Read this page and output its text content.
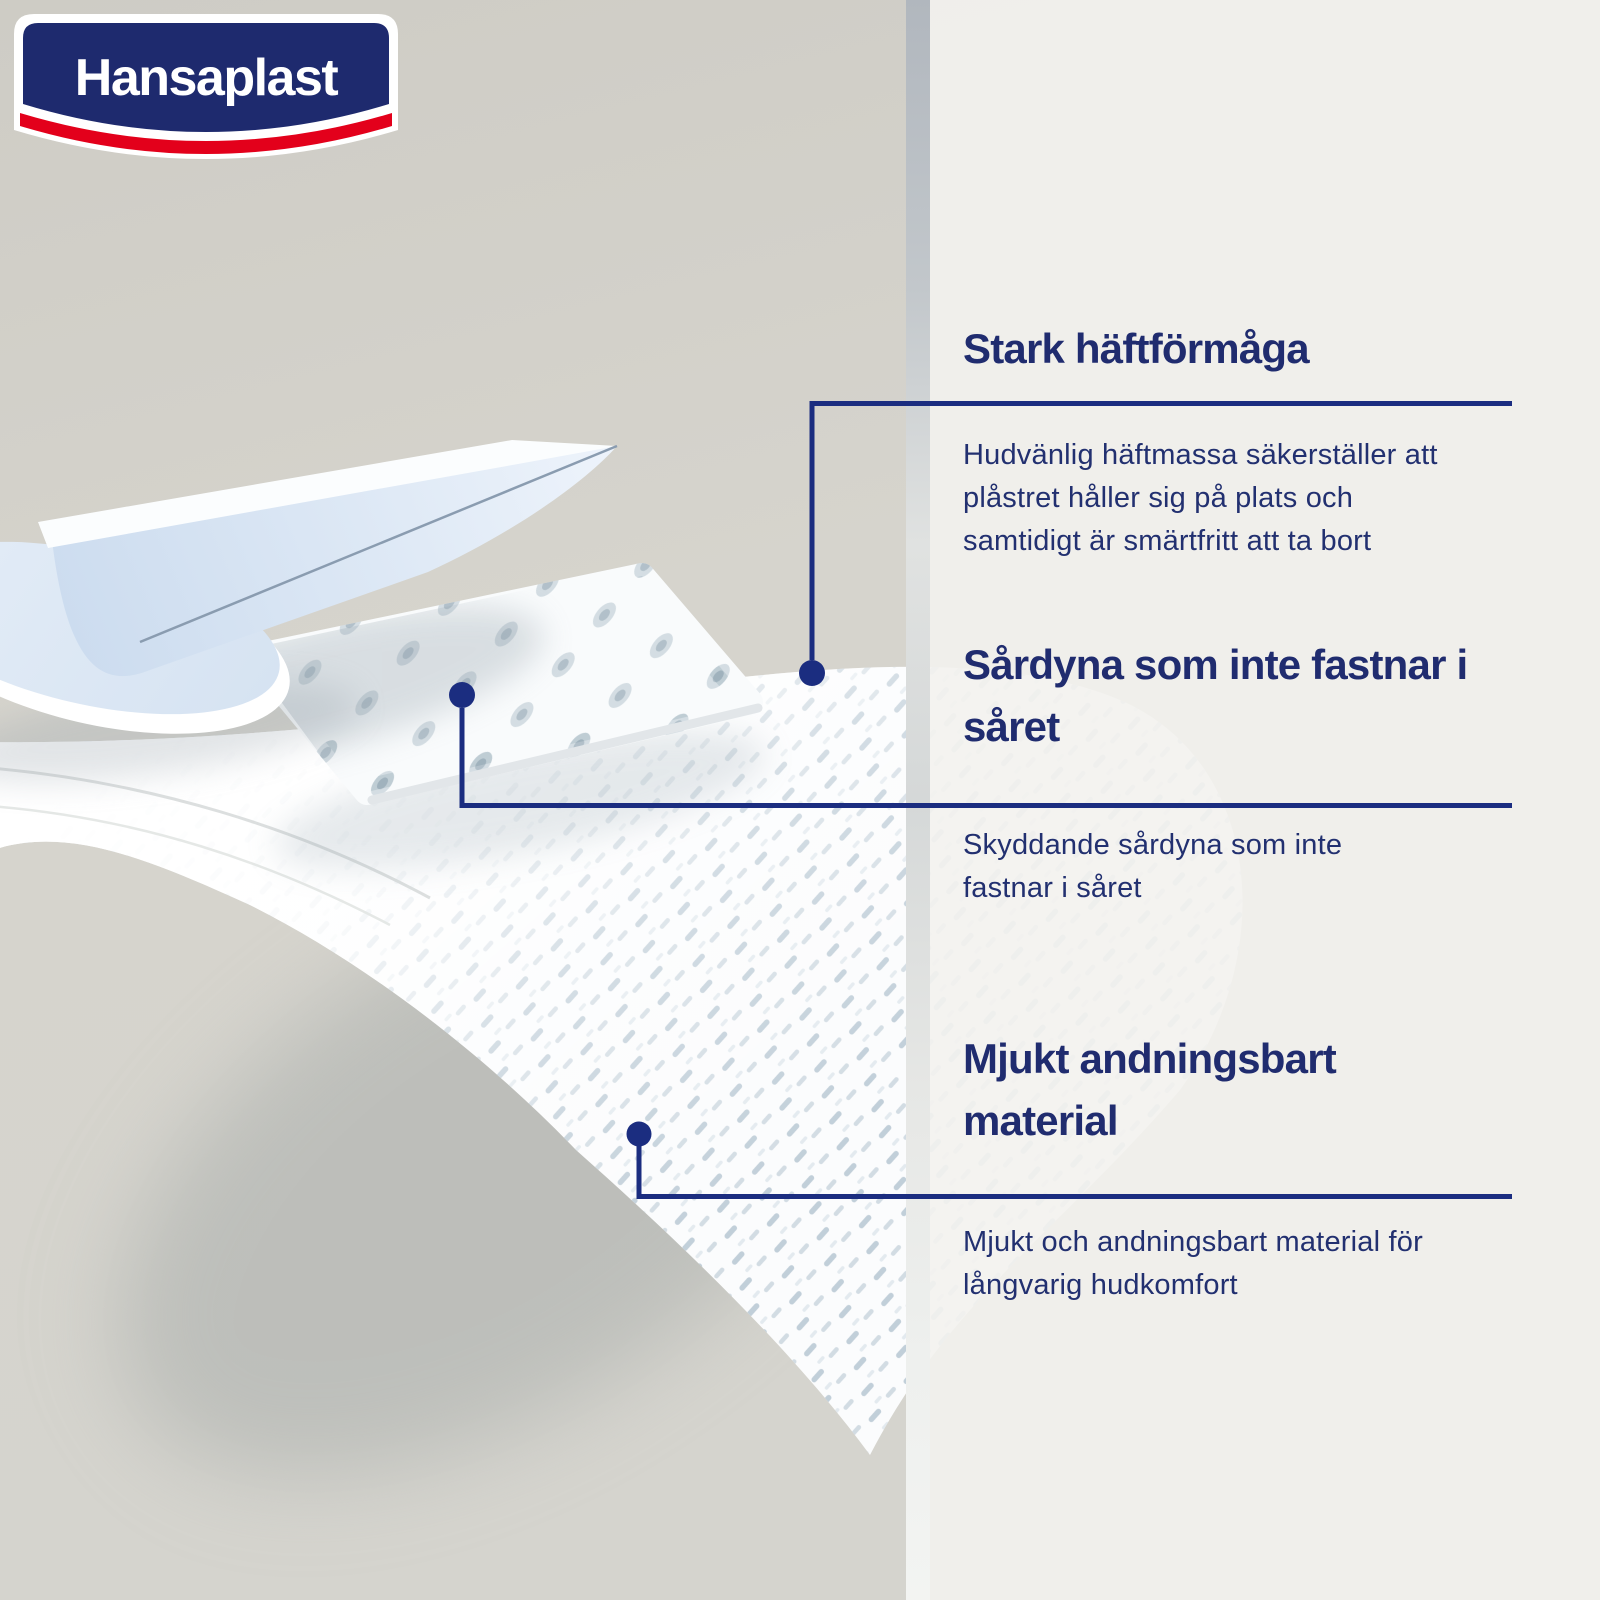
Hansaplast
Stark häftförmåga

Hudvänlig häftmassa säkerställer att plåstret håller sig på plats och samtidigt är smärtfritt att ta bort

Sårdyna som inte fastnar i såret

Skyddande sårdyna som inte fastnar i såret

Mjukt andningsbart material

Mjukt och andningsbart material för långvarig hudkomfort
